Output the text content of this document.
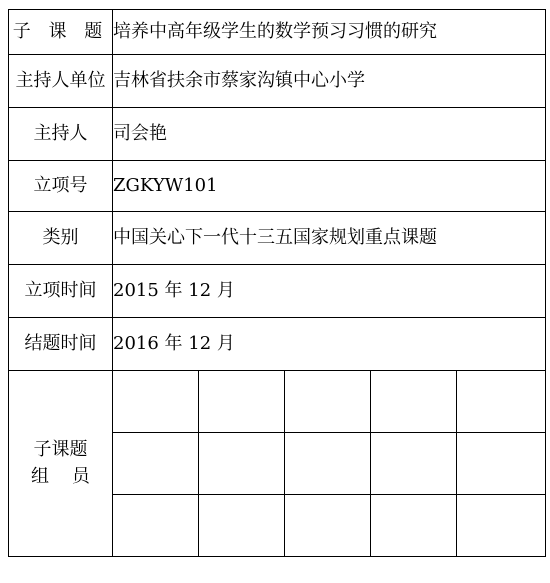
子 课 题	培养中高年级学生的数学预习习惯的研究				
主持人单位	吉林省扶余市蔡家沟镇中心小学				
主持人	司会艳				
立项号	ZGKYW101				
类别	中国关心下一代十三五国家规划重点课题				
立项时间	2015 年 12 月				
结题时间	2016 年 12 月				

子课题
组    员					
